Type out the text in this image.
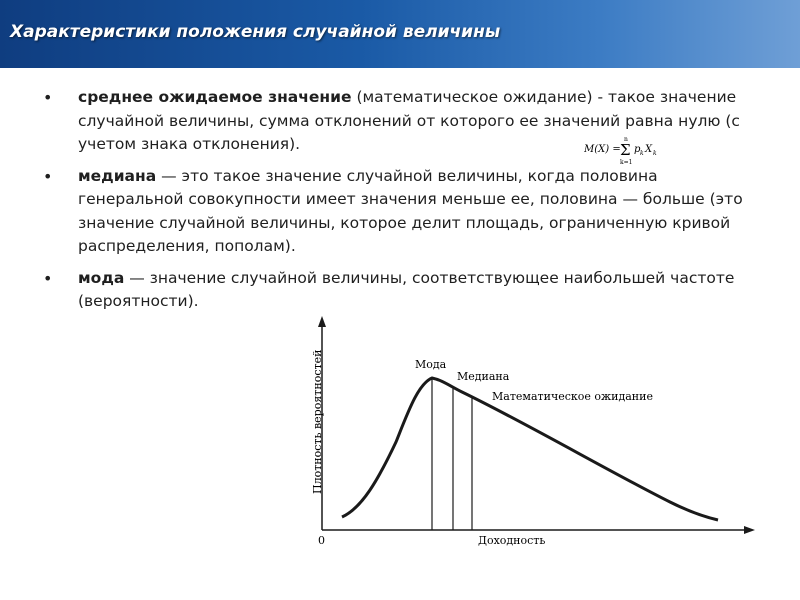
Характеристики положения случайной величины
• среднее ожидаемое значение (математическое ожидание) - такое значение случайной величины, сумма отклонений от которого ее значений равна нулю (с учетом знака отклонения).
• медиана — это такое значение случайной величины, когда половина генеральной совокупности имеет значения меньше ее, половина — больше (это значение случайной величины, которое делит площадь, ограниченную кривой распределения, пополам).
• мода — значение случайной величины, соответствующее наибольшей частоте (вероятности).
M(X) =
n
Σ
k=1
p k X k
Мода
Медиана
Математическое ожидание
0	Доходность
Плотность вероятностей
